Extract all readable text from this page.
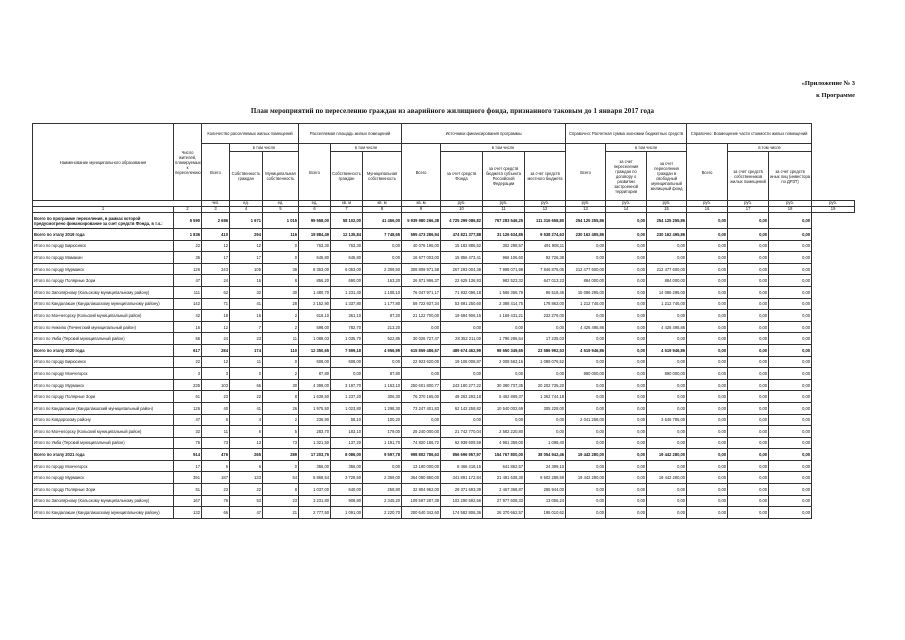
«Приложение № 3
к Программе
План мероприятий по переселению граждан из аварийного жилищного фонда, признанного таковым до 1 января 2017 года
Наименование муниципального образования	Число жителей, планируемых к переселению	Количество расселяемых жилых помещений			Расселяемая площадь жилых помещений			Источники финансирования программы				Справочно: Расчетная сумма экономии бюджетных средств			Справочно: Возмещение части стоимости жилых помещений			
		Всего	в том числе		Всего	в том числе		Всего	в том числе			Всего	в том числе		Всего	в том числе		
			Собственность граждан	Муниципальная собственность		Собственность граждан	Муниципальная собственность		за счет средств Фонда	за счет средств бюджета субъекта Российской Федерации	за счет средств местного бюджета		за счет переселения граждан по договору о развитии застроенной территории	за счет переселения граждан в свободный муниципальный жилищный фонд		за счет средств собственников жилых помещений	за счет средств иных лиц (инвестора по ДРЗТ)	
		чел.	ед.	ед.	ед.	кв. м	кв. м	кв. м	руб.	руб.	руб.	руб.	руб.	руб.	руб.	руб.	руб.	руб.
1	2	3	4	5	6	7	8	9	10	11	12	13	14	15	16	17	18	19
Всего по программе переселения, в рамках которой предусмотрено финансирование за счет средств Фонда, в т.ч.:	5 590	2 686	1 671	1 015	99 558,00	58 102,00	41 456,00	5 939 980 266,38	4 725 299 086,82	767 283 546,25	111 316 658,80	254 125 255,86	0,00	254 125 255,86	0,00	0,00	0,00	
Всего по этапу 2019 года	1 836	410	294	116	19 884,49	12 135,84	7 748,65	595 473 286,94	474 821 377,88	31 126 634,85	9 538 274,63	230 162 495,86	0,00	230 162 495,86	0,00	0,00	0,00	
Итого по городу Бирюсинск	22	12	12	0	763,30	763,30	0,00	40 076 196,00	15 182 886,52	302 298,57	491 908,11	0,00	0,00	0,00	0,00	0,00	0,00	
Итого по городу Мамакан	35	17	17	0	645,80	645,80	0,00	16 677 003,00	15 856 473,41	966 106,60	92 726,38	0,00	0,00	0,00	0,00	0,00	0,00	
Итого по городу Мурманск	126	243	105	38	8 363,00	6 053,00	2 309,50	308 809 971,58	267 293 004,38	7 998 071,98	7 846 875,05	212 477 600,00	0,00	212 477 600,00	0,00	0,00	0,00	
Итого по городу Полярные Зори	47	24	16	8	856,20	690,00	163,20	26 871 996,37	22 625 136,93	982 523,32	647 013,23	884 000,00	0,00	884 000,00	0,00	0,00	0,00	
Итого по Заполярному (Кольскому муниципальному району)	111	62	32	30	1 480,70	1 231,40	1 108,10	76 047 971,17	71 932 096,18	1 566 356,79	96 518,46	15 086 295,00	0,00	14 086 295,00	0,00	0,00	0,00	
Итого по Кандалакше (Кандалакшскому муниципальному району)	142	71	41	28	2 152,90	1 337,80	1 177,80	59 722 937,34	53 691 250,60	2 388 414,75	178 863,00	1 212 745,00	0,00	1 212 745,00	0,00	0,00	0,00	
Итого по Мончегорску (Кольский муниципальный район)	42	18	16	2	616,10	361,10	87,20	21 122 700,00	19 694 906,15	1 169 431,21	232 276,00	0,00	0,00	0,00	0,00	0,00	0,00	
Итого по Никелю (Печенгский муниципальный район)	16	12	7	2	598,00	782,70	213,20	0,00	0,00	0,00	0,00	4 426 495,86	0,00	4 426 495,86	0,00	0,00	0,00	
Итого по Умба (Терский муниципальный район)	55	24	23	11	1 088,03	1 035,70	522,85	30 026 727,47	28 352 211,00	1 796 286,64	17 235,03	0,00	0,00	0,00	0,00	0,00	0,00	
Всего по этапу 2020 года	617	284	174	110	12 350,65	7 599,18	4 956,99	615 859 486,57	489 674 462,99	98 650 349,65	23 586 992,53	4 519 946,86	0,00	4 519 946,86	0,00	0,00	0,00	
Итого по городу Бирюсинск	22	12	11	0	608,00	608,00	0,00	22 923 620,00	19 106 008,87	2 008 563,16	1 089 076,52	0,00	0,00	0,00	0,00	0,00	0,00	
Итого по городу Мончегорск	3	3	0	2	87,80	0,00	87,80	0,00	0,00	0,00	0,00	890 000,00	0,00	890 000,00	0,00	0,00	0,00	
Итого по городу Мурманск	235	103	66	30	4 399,00	3 197,70	1 163,10	250 601 800,77	243 180 277,22	30 380 737,35	20 202 735,20	0,00	0,00	0,00	0,00	0,00	0,00	
Итого по городу Полярные Зори	61	23	22	8	1 639,50	1 237,20	306,30	76 370 165,00	48 262 293,18	5 462 869,37	1 362 744,18	0,00	0,00	0,00	0,00	0,00	0,00	
Итого по Кандалакше (Кандалакшский муниципальный район)	126	40	41	26	1 975,50	1 023,80	1 298,30	73 247 401,83	62 142 259,82	10 540 002,69	305 228,00	0,00	0,00	0,00	0,00	0,00	0,00	
Итого по Ковдорскому району	47	6	4	2	236,90	58,10	100,20	0,00	0,00	0,00	0,00	2 041 258,00	0,00	3 646 786,00	0,00	0,00	0,00	
Итого по Мончегорску (Кольский муниципальный район)	32	11	6	5	283,70	183,10	179,00	25 240 000,00	21 742 770,04	2 582 220,80	0,00	0,00	0,00	0,00	0,00	0,00	0,00	
Итого по Умба (Терский муниципальный район)	76	73	13	73	1 321,50	137,20	1 191,70	74 820 186,72	62 939 609,59	4 961 359,00	1 098,40	0,00	0,00	0,00	0,00	0,00	0,00	
Всего по этапу 2021 года	914	476	265	289	17 203,76	8 086,00	9 597,78	998 802 786,63	856 696 957,97	154 767 800,00	38 054 942,46	19 442 280,00	0,00	19 442 280,00	0,00	0,00	0,00	
Итого по городу Мончегорск	17	6	6	0	356,00	356,00	0,00	13 180 000,00	8 466 418,15	641 862,57	24 399,10	0,00	0,00	0,00	0,00	0,00	0,00	
Итого по городу Мурманск	391	187	133	64	5 869,54	3 729,50	2 359,00	364 080 860,00	341 891 172,84	21 481 638,30	9 502 288,59	19 442 280,00	0,00	19 442 280,00	0,00	0,00	0,00	
Итого по городу Полярные Зори	51	23	22	8	1 037,00	640,00	258,80	32 804 952,00	29 371 693,39	2 467 368,87	285 944,00	0,00	0,00	0,00	0,00	0,00	0,00	
Итого по Заполярному (Кольскому муниципальному району)	167	76	53	23	3 231,80	908,80	2 345,20	109 597 287,38	102 290 592,56	27 977 608,33	13 056,24	0,00	0,00	0,00	0,00	0,00	0,00	
Итого по Кандалакше (Кандалакшскому муниципальному району)	132	66	47	21	2 777,50	1 091,00	2 220,70	200 640 342,60	174 582 806,36	26 370 662,57	195 010,62	0,00	0,00	0,00	0,00	0,00	0,00	
